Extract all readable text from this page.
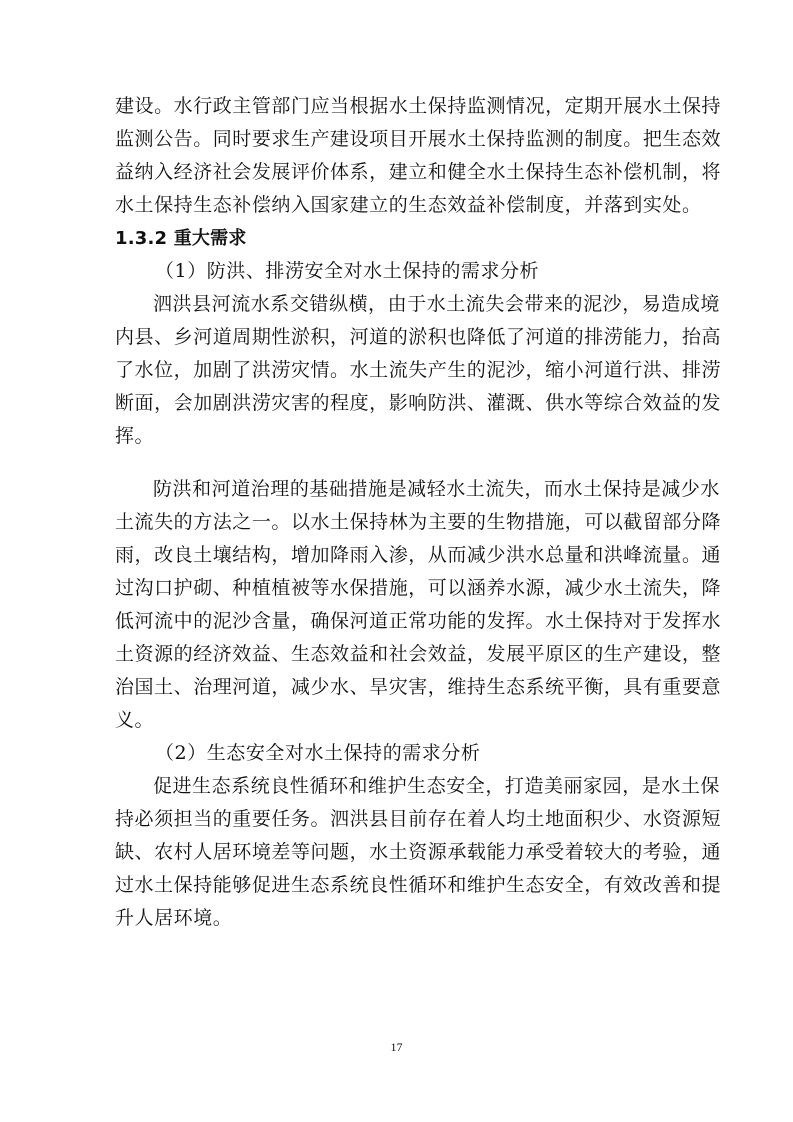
建设。水行政主管部门应当根据水土保持监测情况，定期开展水土保持
监测公告。同时要求生产建设项目开展水土保持监测的制度。把生态效
益纳入经济社会发展评价体系，建立和健全水土保持生态补偿机制，将
水土保持生态补偿纳入国家建立的生态效益补偿制度，并落到实处。
1.3.2 重大需求
（1）防洪、排涝安全对水土保持的需求分析
泗洪县河流水系交错纵横，由于水土流失会带来的泥沙，易造成境
内县、乡河道周期性淤积，河道的淤积也降低了河道的排涝能力，抬高
了水位，加剧了洪涝灾情。水土流失产生的泥沙，缩小河道行洪、排涝
断面，会加剧洪涝灾害的程度，影响防洪、灌溉、供水等综合效益的发
挥。
防洪和河道治理的基础措施是减轻水土流失，而水土保持是减少水
土流失的方法之一。以水土保持林为主要的生物措施，可以截留部分降
雨，改良土壤结构，增加降雨入渗，从而减少洪水总量和洪峰流量。通
过沟口护砌、种植植被等水保措施，可以涵养水源，减少水土流失，降
低河流中的泥沙含量，确保河道正常功能的发挥。水土保持对于发挥水
土资源的经济效益、生态效益和社会效益，发展平原区的生产建设，整
治国土、治理河道，减少水、旱灾害，维持生态系统平衡，具有重要意
义。
（2）生态安全对水土保持的需求分析
促进生态系统良性循环和维护生态安全，打造美丽家园，是水土保
持必须担当的重要任务。泗洪县目前存在着人均土地面积少、水资源短
缺、农村人居环境差等问题，水土资源承载能力承受着较大的考验，通
过水土保持能够促进生态系统良性循环和维护生态安全，有效改善和提
升人居环境。
17
